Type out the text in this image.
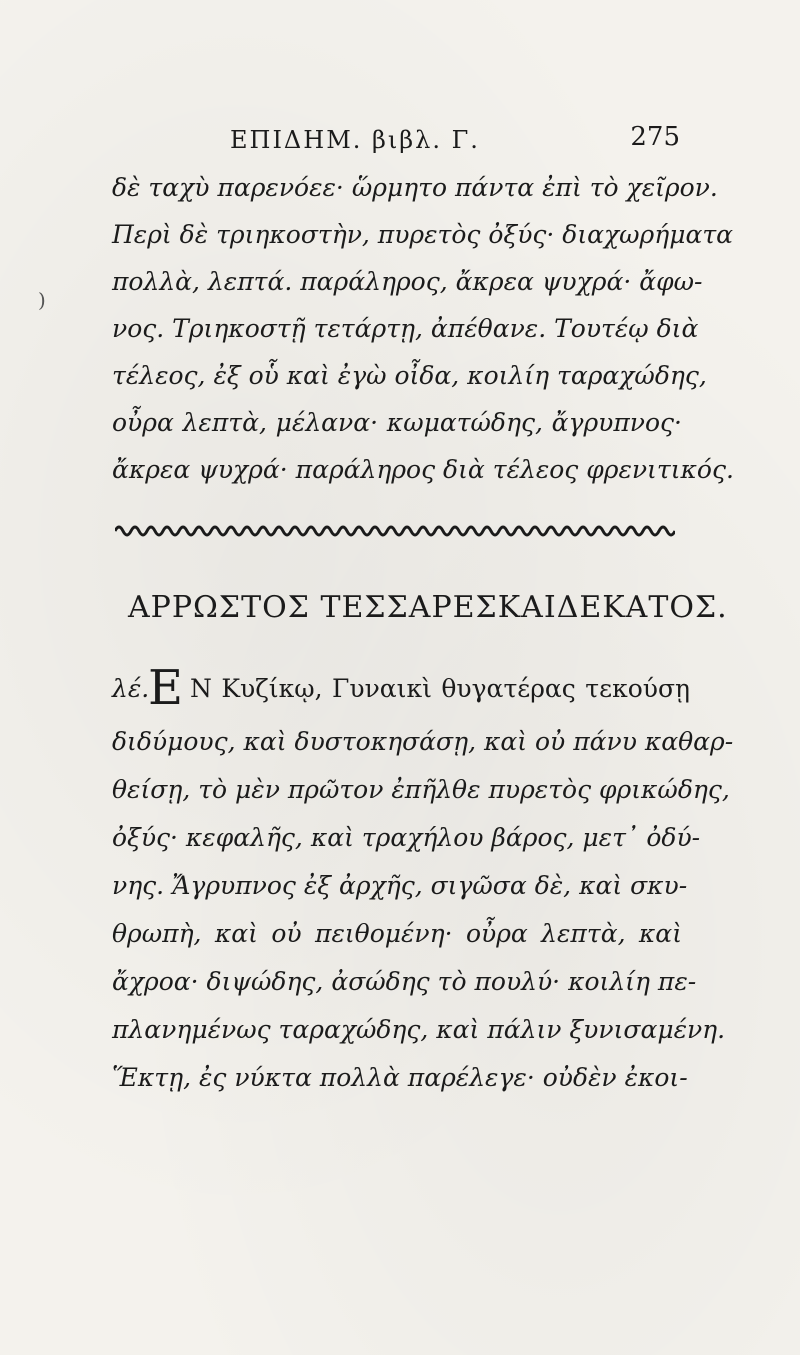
)
ΕΠΙΔΗΜ. βιβλ. Γ.	275
δὲ ταχὺ παρενόεε· ὥρμητο πάντα ἐπὶ τὸ χεῖρον.
Περὶ δὲ τριηκοστὴν, πυρετὸς ὀξύς· διαχωρήματα
πολλὰ, λεπτά. παράληρος, ἄκρεα ψυχρά· ἄφω-
νος. Τριηκοστῇ τετάρτῃ, ἀπέθανε. Τουτέῳ διὰ
τέλεος, ἐξ οὗ καὶ ἐγὼ οἶδα, κοιλίη ταραχώδης,
οὖρα λεπτὰ, μέλανα· κωματώδης, ἄγρυπνος·
ἄκρεα ψυχρά· παράληρος διὰ τέλεος φρενιτικός.
ΑΡΡΩΣΤΟΣ ΤΕΣΣΑΡΕΣΚΑΙΔΕΚΑΤΟΣ.
λέ.
Ε Ν Κυζίκῳ, Γυναικὶ θυγατέρας τεκούσῃ
διδύμους, καὶ δυστοκησάσῃ, καὶ οὐ πάνυ καθαρ-
θείσῃ, τὸ μὲν πρῶτον ἐπῆλθε πυρετὸς φρικώδης,
ὀξύς· κεφαλῆς, καὶ τραχήλου βάρος, μετ᾽ ὀδύ-
νης. Ἄγρυπνος ἐξ ἀρχῆς, σιγῶσα δὲ, καὶ σκυ-
θρωπὴ, καὶ οὐ πειθομένη· οὖρα λεπτὰ, καὶ
ἄχροα· διψώδης, ἀσώδης τὸ πουλύ· κοιλίη πε-
πλανημένως ταραχώδης, καὶ πάλιν ξυνισαμένη.
Ἕκτῃ, ἐς νύκτα πολλὰ παρέλεγε· οὐδὲν ἐκοι-
